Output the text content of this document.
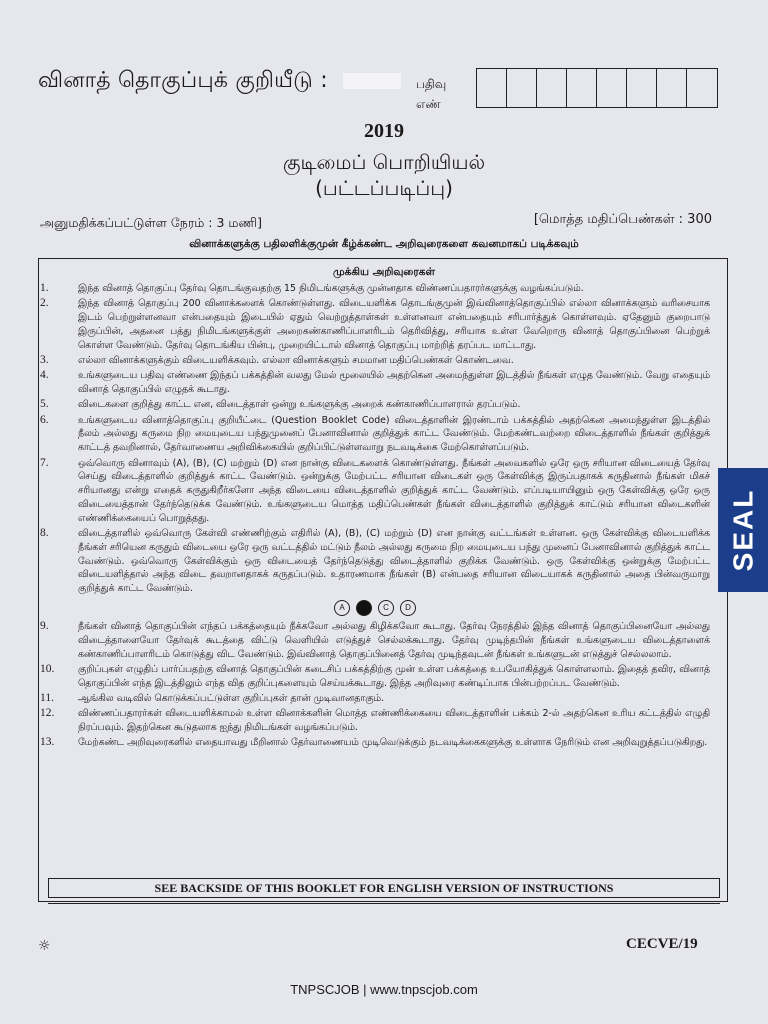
வினாத் தொகுப்புக் குறியீடு :	பதிவு
எண்
2019
குடிமைப் பொறியியல்
(பட்டப்படிப்பு)
அனுமதிக்கப்பட்டுள்ள நேரம் : 3 மணி]	[மொத்த மதிப்பெண்கள் : 300
வினாக்களுக்கு பதிலளிக்குமுன் கீழ்க்கண்ட அறிவுரைகளை கவனமாகப் படிக்கவும்
முக்கிய அறிவுரைகள்
1.	இந்த வினாத் தொகுப்பு தேர்வு தொடங்குவதற்கு 15 நிமிடங்களுக்கு முன்னதாக விண்ணப்பதாரர்களுக்கு வழங்கப்படும்.
2.	இந்த வினாத் தொகுப்பு 200 வினாக்களைக் கொண்டுள்ளது. விடையளிக்க தொடங்குமுன் இவ்வினாத்தொகுப்பில் எல்லா வினாக்களும் வரிசையாக இடம் பெற்றுள்ளனவா என்பதையும் இடையில் ஏதும் வெற்றுத்தாள்கள் உள்ளனவா என்பதையும் சரிபார்த்துக் கொள்ளவும். ஏதேனும் குறைபாடு இருப்பின், அதனை பத்து நிமிடங்களுக்குள் அறைகண்காணிப்பாளரிடம் தெரிவித்து, சரியாக உள்ள வேறொரு வினாத் தொகுப்பினை பெற்றுக் கொள்ள வேண்டும். தேர்வு தொடங்கிய பின்பு, முறையிட்டால் வினாத் தொகுப்பு மாற்றித் தரப்பட மாட்டாது.
3.	எல்லா வினாக்களுக்கும் விடையளிக்கவும். எல்லா வினாக்களும் சமமான மதிப்பெண்கள் கொண்டவை.
4.	உங்களுடைய பதிவு எண்ணை இந்தப் பக்கத்தின் வலது மேல் மூலையில் அதற்கென அமைந்துள்ள இடத்தில் நீங்கள் எழுத வேண்டும். வேறு எதையும் வினாத் தொகுப்பில் எழுதக் கூடாது.
5.	விடைகளை குறித்து காட்ட என, விடைத்தாள் ஒன்று உங்களுக்கு அறைக் கண்காணிப்பாளரால் தரப்படும்.
6.	உங்களுடைய வினாத்தொகுப்பு குறியீட்டை (Question Booklet Code) விடைத்தாளின் இரண்டாம் பக்கத்தில் அதற்கென அமைந்துள்ள இடத்தில் நீலம் அல்லது கருமை நிற மையுடைய பந்துமுனைப் பேனாவினால் குறித்துக் காட்ட வேண்டும். மேற்கண்டவற்றை விடைத்தாளில் நீங்கள் குறித்துக் காட்டத் தவறினால், தேர்வாணைய அறிவிக்கையில் குறிப்பிட்டுள்ளவாறு நடவடிக்கை மேற்கொள்ளப்படும்.
7.	ஒவ்வொரு வினாவும் (A), (B), (C) மற்றும் (D) என நான்கு விடைகளைக் கொண்டுள்ளது. நீங்கள் அவைகளில் ஒரே ஒரு சரியான விடையைத் தேர்வு செய்து விடைத்தாளில் குறித்துக் காட்ட வேண்டும். ஒன்றுக்கு மேற்பட்ட சரியான விடைகள் ஒரு கேள்விக்கு இருப்பதாகக் கருதினால் நீங்கள் மிகச் சரியானது என்று எதைக் கருதுகிறீர்களோ அந்த விடையை விடைத்தாளில் குறித்துக் காட்ட வேண்டும். எப்படியாயினும் ஒரு கேள்விக்கு ஒரே ஒரு விடையைத்தான் தேர்ந்தெடுக்க வேண்டும். உங்களுடைய மொத்த மதிப்பெண்கள் நீங்கள் விடைத்தாளில் குறித்துக் காட்டும் சரியான விடைகளின் எண்ணிக்கையைப் பொறுத்தது.
8.	விடைத்தாளில் ஒவ்வொரு கேள்வி எண்ணிற்கும் எதிரில் (A), (B), (C) மற்றும் (D) என நான்கு வட்டங்கள் உள்ளன. ஒரு கேள்விக்கு விடையளிக்க நீங்கள் சரியென கருதும் விடையை ஒரே ஒரு வட்டத்தில் மட்டும் நீலம் அல்லது கருமை நிற மையுடைய பந்து முனைப் பேனாவினால் குறித்துக் காட்ட வேண்டும். ஒவ்வொரு கேள்விக்கும் ஒரு விடையைத் தேர்ந்தெடுத்து விடைத்தாளில் குறிக்க வேண்டும். ஒரு கேள்விக்கு ஒன்றுக்கு மேற்பட்ட விடையளித்தால் அந்த விடை தவறானதாகக் கருதப்படும். உதாரணமாக நீங்கள் (B) என்பதை சரியான விடையாகக் கருதினால் அதை பின்வருமாறு குறித்துக் காட்ட வேண்டும்.
A	C	D
9.	நீங்கள் வினாத் தொகுப்பின் எந்தப் பக்கத்தையும் நீக்கவோ அல்லது கிழிக்கவோ கூடாது. தேர்வு நேரத்தில் இந்த வினாத் தொகுப்பினையோ அல்லது விடைத்தாளையோ தேர்வுக் கூடத்தை விட்டு வெளியில் எடுத்துச் செல்லக்கூடாது. தேர்வு முடிந்தபின் நீங்கள் உங்களுடைய விடைத்தாளைக் கண்காணிப்பாளரிடம் கொடுத்து விட வேண்டும். இவ்வினாத் தொகுப்பினைத் தேர்வு முடிந்தவுடன் நீங்கள் உங்களுடன் எடுத்துச் செல்லலாம்.
10.	குறிப்புகள் எழுதிப் பார்ப்பதற்கு வினாத் தொகுப்பின் கடைசிப் பக்கத்திற்கு முன் உள்ள பக்கத்தை உபயோகித்துக் கொள்ளலாம். இதைத் தவிர, வினாத் தொகுப்பின் எந்த இடத்திலும் எந்த வித குறிப்புகளையும் செய்யக்கூடாது. இந்த அறிவுரை கண்டிப்பாக பின்பற்றப்பட வேண்டும்.
11.	ஆங்கில வடிவில் கொடுக்கப்பட்டுள்ள குறிப்புகள் தான் முடிவானதாகும்.
12.	விண்ணப்பதாரர்கள் விடையளிக்காமல் உள்ள வினாக்களின் மொத்த எண்ணிக்கையை விடைத்தாளின் பக்கம் 2-ல் அதற்கென உரிய கட்டத்தில் எழுதி நிரப்பவும். இதற்கென கூடுதலாக ஐந்து நிமிடங்கள் வழங்கப்படும்.
13.	மேற்கண்ட அறிவுரைகளில் எதையாவது மீறினால் தேர்வாணையம் முடிவெடுக்கும் நடவடிக்கைகளுக்கு உள்ளாக நேரிடும் என அறிவுறுத்தப்படுகிறது.
SEAL
SEE BACKSIDE OF THIS BOOKLET FOR ENGLISH VERSION OF INSTRUCTIONS
☼	CECVE/19
TNPSCJOB | www.tnpscjob.com
